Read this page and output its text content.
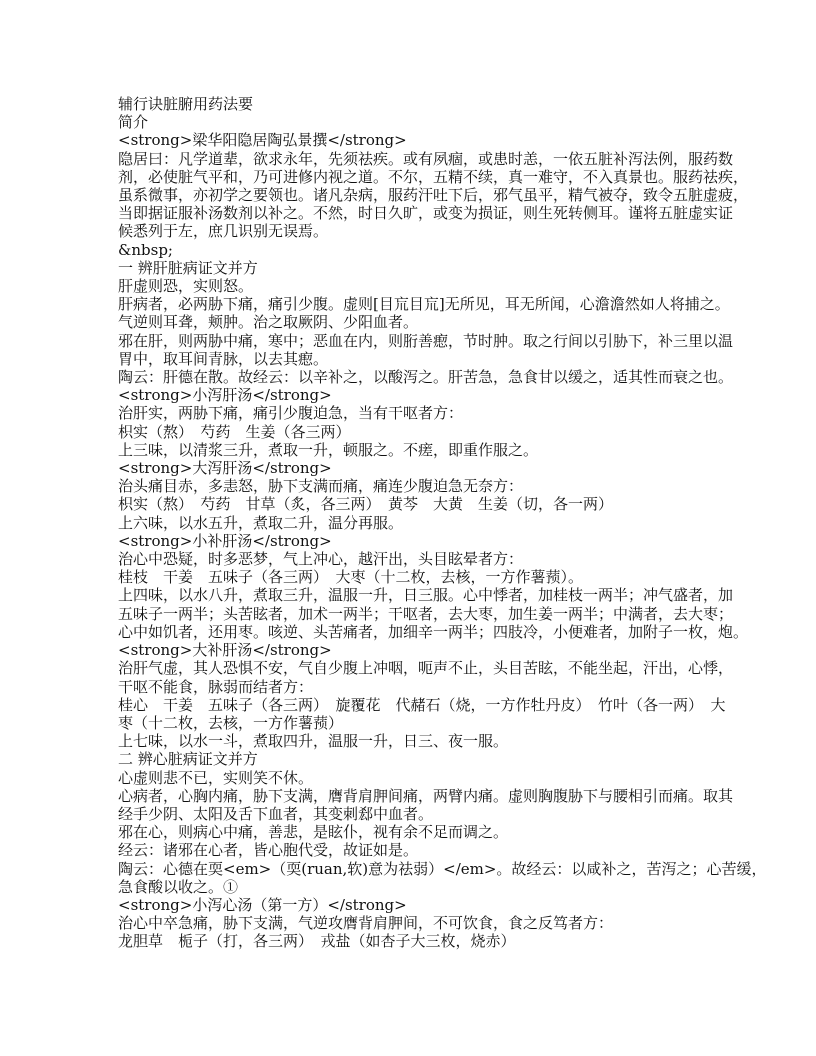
辅行诀脏腑用药法要
简介
<strong>梁华阳隐居陶弘景撰</strong>
隐居曰：凡学道辈，欲求永年，先须祛疾。或有夙痼，或患时恙，一依五脏补泻法例，服药数
剂，必使脏气平和，乃可进修内视之道。不尔，五精不续，真一难守，不入真景也。服药祛疾，
虽系微事，亦初学之要领也。诸凡杂病，服药汗吐下后，邪气虽平，精气被夺，致令五脏虚疲，
当即据证服补汤数剂以补之。不然，时日久旷，或变为损证，则生死转侧耳。谨将五脏虚实证
候悉列于左，庶几识别无误焉。
&nbsp;
一 辨肝脏病证文并方
肝虚则恐，实则怒。
肝病者，必两胁下痛，痛引少腹。虚则[目巟目巟]无所见，耳无所闻，心澹澹然如人将捕之。
气逆则耳聋，颊肿。治之取厥阴、少阳血者。
邪在肝，则两胁中痛，寒中；恶血在内，则胻善瘛，节时肿。取之行间以引胁下，补三里以温
胃中，取耳间青脉，以去其瘛。
陶云：肝德在散。故经云：以辛补之，以酸泻之。肝苦急，急食甘以缓之，适其性而衰之也。
<strong>小泻肝汤</strong>
治肝实，两胁下痛，痛引少腹迫急，当有干呕者方：
枳实（熬）　芍药　生姜（各三两）
上三味，以清浆三升，煮取一升，顿服之。不瘥，即重作服之。
<strong>大泻肝汤</strong>
治头痛目赤，多恚怒，胁下支满而痛，痛连少腹迫急无奈方：
枳实（熬）　芍药　甘草（炙，各三两）　黄芩　大黄　生姜（切，各一两）
上六味，以水五升，煮取二升，温分再服。
<strong>小补肝汤</strong>
治心中恐疑，时多恶梦，气上冲心，越汗出，头目眩晕者方：
桂枝　干姜　五味子（各三两）　大枣（十二枚，去核，一方作薯蓣）。
上四味，以水八升，煮取三升，温服一升，日三服。心中悸者，加桂枝一两半；冲气盛者，加
五味子一两半；头苦眩者，加术一两半；干呕者，去大枣，加生姜一两半；中满者，去大枣；
心中如饥者，还用枣。咳逆、头苦痛者，加细辛一两半；四肢冷，小便难者，加附子一枚，炮。
<strong>大补肝汤</strong>
治肝气虚，其人恐惧不安，气自少腹上冲咽，呃声不止，头目苦眩，不能坐起，汗出，心悸，
干呕不能食，脉弱而结者方：
桂心　干姜　五味子（各三两）　旋覆花　代赭石（烧，一方作牡丹皮）　竹叶（各一两）　大
枣（十二枚，去核，一方作薯蓣）
上七味，以水一斗，煮取四升，温服一升，日三、夜一服。
二 辨心脏病证文并方
心虚则悲不已，实则笑不休。
心病者，心胸内痛，胁下支满，膺背肩胛间痛，两臂内痛。虚则胸腹胁下与腰相引而痛。取其
经手少阴、太阳及舌下血者，其变刺郄中血者。
邪在心，则病心中痛，善悲，是眩仆，视有余不足而调之。
经云：诸邪在心者，皆心胞代受，故证如是。
陶云：心德在耎<em>（耎(ruan,软)意为祛弱）</em>。故经云：以咸补之，苦泻之；心苦缓，
急食酸以收之。①
<strong>小泻心汤（第一方）</strong>
治心中卒急痛，胁下支满，气逆攻膺背肩胛间，不可饮食，食之反笃者方：
龙胆草　栀子（打，各三两）　戎盐（如杏子大三枚，烧赤）
